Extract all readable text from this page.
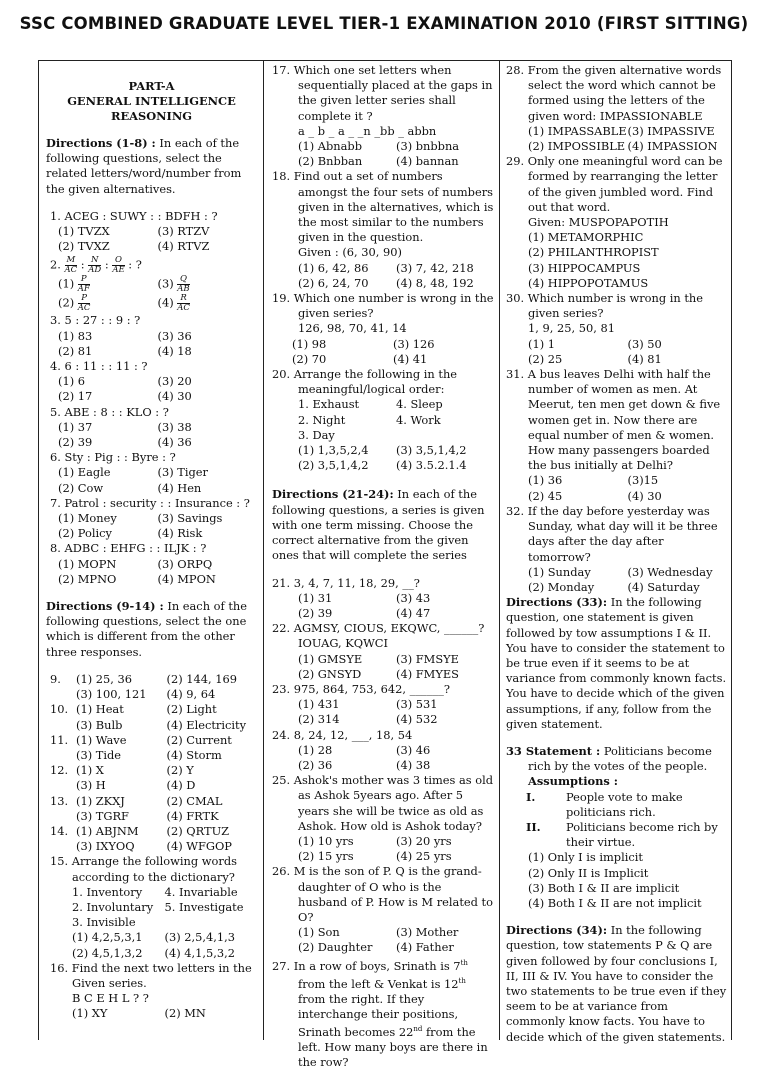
SSC COMBINED GRADUATE LEVEL TIER-1 EXAMINATION 2010 (FIRST SITTING)
PART-A
GENERAL INTELLIGENCE
REASONING
Directions (1-8) : In each of the following questions, select the related letters/word/number from the given alternatives.
1. ACEG : SUWY : : BDFH : ?
(1) TVZX	(3) RTZV
(2) TVXZ	(4) RTVZ
2. $\frac{M}{AC}$ : $\frac{N}{AD}$ : $\frac{O}{AE}$ : ?
$(1) \frac{P}{AF}$	$(3) \frac{Q}{AB}$
$(2) \frac{P}{AC}$	$(4) \frac{R}{AC}$
3. 5 : 27 : : 9 : ?
(1) 83	(3) 36
(2) 81	(4) 18
4. 6 : 11 : : 11 : ?
(1) 6	(3) 20
(2) 17	(4) 30
5. ABE : 8 : : KLO : ?
(1) 37	(3) 38
(2) 39	(4) 36
6. Sty : Pig : : Byre : ?
(1) Eagle	(3) Tiger
(2) Cow	(4) Hen
7. Patrol : security : : Insurance : ?
(1) Money	(3) Savings
(2) Policy	(4) Risk
8. ADBC : EHFG : : ILJK : ?
(1) MOPN	(3) ORPQ
(2) MPNO	(4) MPON
Directions (9-14) : In each of the following questions, select the one which is different from the other three responses.
9.	(1) 25, 36	(2) 144, 169
(3) 100, 121	(4) 9, 64
10. (1) Heat	(2) Light
(3) Bulb	(4) Electricity
11. (1) Wave	(2) Current
(3) Tide	(4) Storm
12. (1) X	(2) Y
(3) H	(4) D
13. (1) ZKXJ	(2) CMAL
(3) TGRF	(4) FRTK
14. (1) ABJNM	(2) QRTUZ
(3) IXYOQ	(4) WFGOP
15. Arrange the following words according to the dictionary?
1. Inventory	4. Invariable
2. Involuntary 5. Investigate
3. Invisible
(1) 4,2,5,3,1	(3) 2,5,4,1,3
(2) 4,5,1,3,2	(4) 4,1,5,3,2
16. Find the next two letters in the Given series.
B C E H L ? ?
(1) XY	(2) MN
17. Which one set letters when sequentially placed at the gaps in the given letter series shall complete it ?
a _ b _ a _ _n _bb _ abbn
(1) Abnabb	(3) bnbbna
(2) Bnbban	(4) bannan
18. Find out a set of numbers amongst the four sets of numbers given in the alternatives, which is the most similar to the numbers given in the question.
Given : (6, 30, 90)
(1) 6, 42, 86	(3) 7, 42, 218
(2) 6, 24, 70	(4) 8, 48, 192
19. Which one number is wrong in the given series?
126, 98, 70, 41, 14
(1) 98	(3) 126
(2) 70	(4) 41
20. Arrange the following in the meaningful/logical order:
1. Exhaust	4. Sleep
2. Night	4. Work
3. Day
(1) 1,3,5,2,4	(3) 3,5,1,4,2
(2) 3,5,1,4,2	(4) 3.5.2.1.4
Directions (21-24): In each of the following questions, a series is given with one term missing. Choose the correct alternative from the given ones that will complete the series
21. 3, 4, 7, 11, 18, 29, __?
(1) 31	(3) 43
(2) 39	(4) 47
22. AGMSY, CIOUS, EKQWC, ______?
IOUAG, KQWCI
(1) GMSYE	(3) FMSYE
(2) GNSYD	(4) FMYES
23. 975, 864, 753, 642, ______?
(1) 431	(3) 531
(2) 314	(4) 532
24. 8, 24, 12, ___, 18, 54
(1) 28	(3) 46
(2) 36	(4) 38
25. Ashok's mother was 3 times as old as Ashok 5years ago. After 5 years she will be twice as old as Ashok. How old is Ashok today?
(1) 10 yrs	(3) 20 yrs
(2) 15 yrs	(4) 25 yrs
26. M is the son of P. Q is the grand-daughter of O who is the husband of P. How is M related to O?
(1) Son	(3) Mother
(2) Daughter	(4) Father
27. In a row of boys, Srinath is 7th from the left & Venkat is 12th from the right. If they interchange their positions, Srinath becomes 22nd from the left. How many boys are there in the row?
28. From the given alternative words select the word which cannot be formed using the letters of the given word: IMPASSIONABLE
(1) IMPASSABLE (3) IMPASSIVE
(2) IMPOSSIBLE (4) IMPASSION
29. Only one meaningful word can be formed by rearranging the letter of the given jumbled word. Find out that word.
Given: MUSPOPAPOTIH
(1) METAMORPHIC
(2) PHILANTHROPIST
(3) HIPPOCAMPUS
(4) HIPPOPOTAMUS
30. Which number is wrong in the given series?
1, 9, 25, 50, 81
(1) 1	(3) 50
(2) 25	(4) 81
31. A bus leaves Delhi with half the number of women as men. At Meerut, ten men get down & five women get in. Now there are equal number of men & women. How many passengers boarded the bus initially at Delhi?
(1) 36	(3)15
(2) 45	(4) 30
32. If the day before yesterday was Sunday, what day will it be three days after the day after tomorrow?
(1) Sunday	(3) Wednesday
(2) Monday	(4) Saturday
Directions (33): In the following question, one statement is given followed by tow assumptions I & II. You have to consider the statement to be true even if it seems to be at variance from commonly known facts. You have to decide which of the given assumptions, if any, follow from the given statement.
33 Statement : Politicians become rich by the votes of the people.
Assumptions :
I.	People vote to make politicians rich.
II.	Politicians become rich by their virtue.
(1) Only I is implicit
(2) Only II is Implicit
(3) Both I & II are implicit
(4) Both I & II are not implicit
Directions (34): In the following question, tow statements P & Q are given followed by four conclusions I, II, III & IV. You have to consider the two statements to be true even if they seem to be at variance from commonly know facts. You have to decide which of the given statements.
